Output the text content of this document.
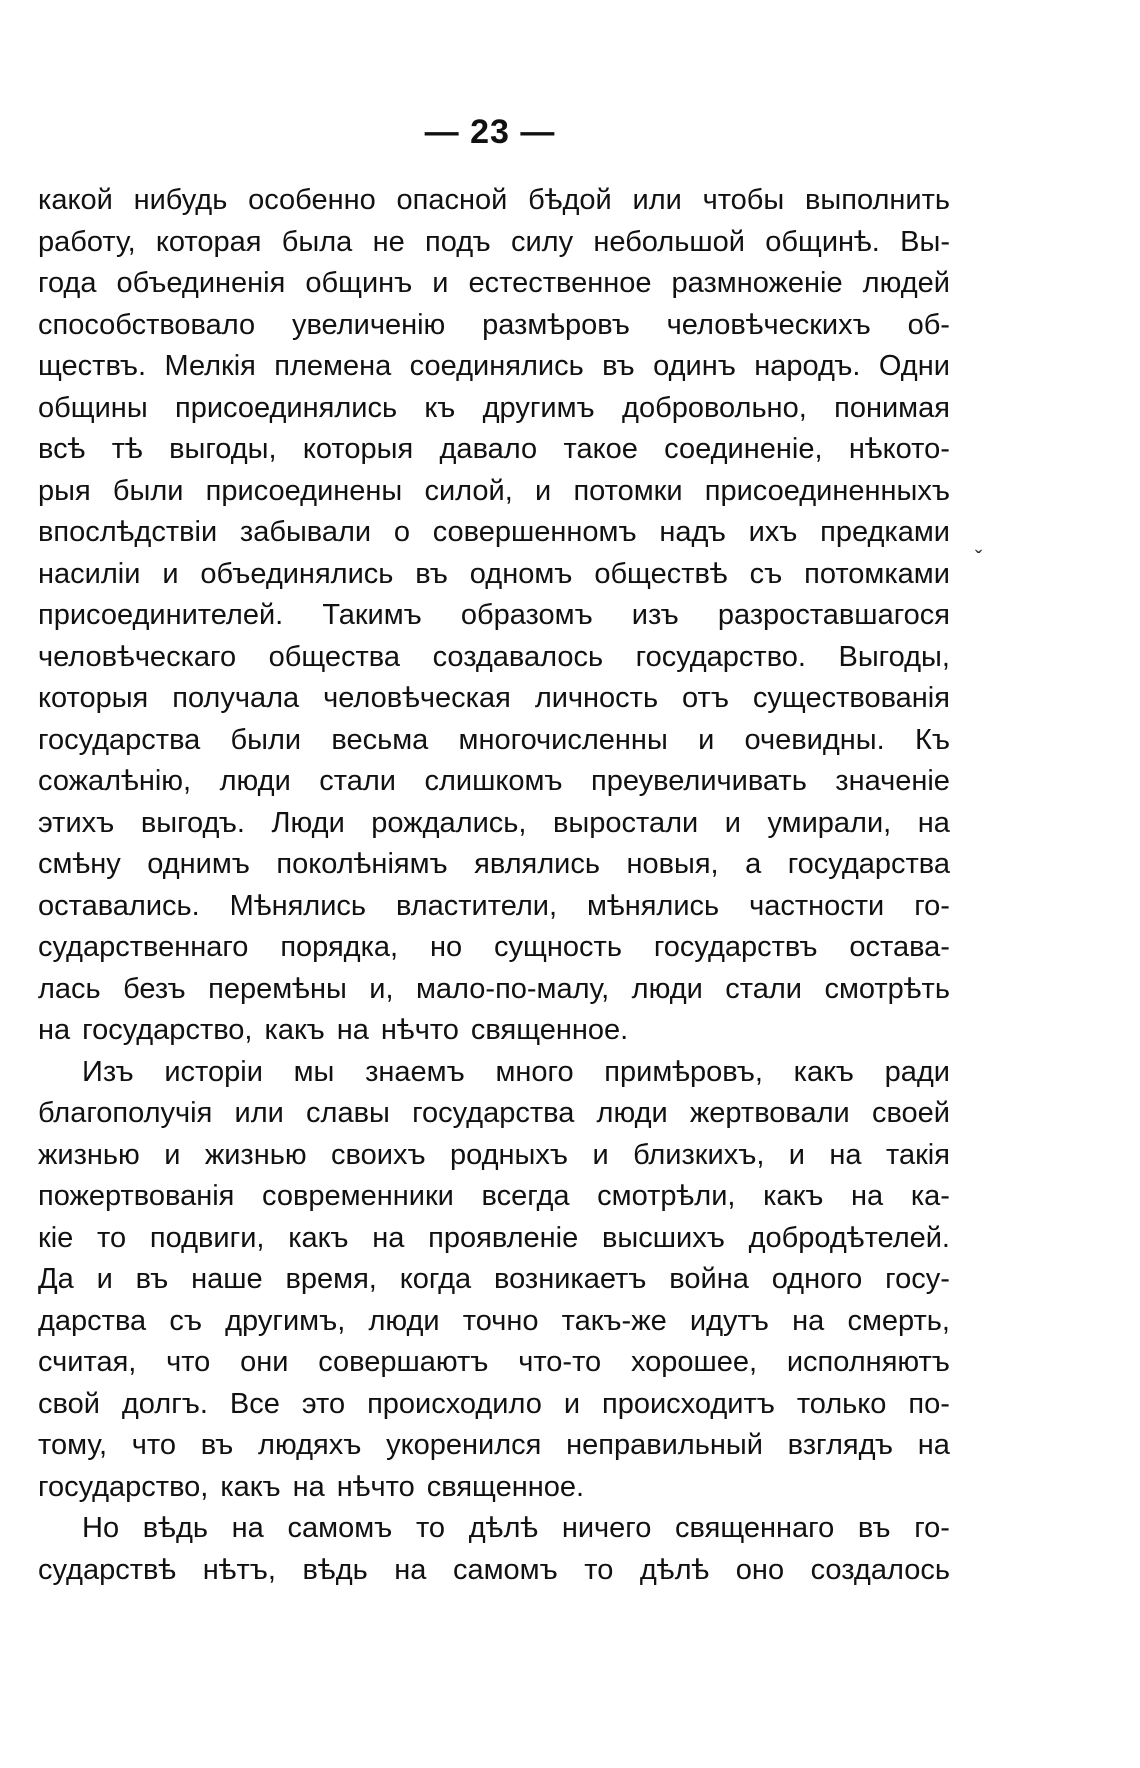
— 23 —
ˇ
какой нибудь особенно опасной бѣдой или чтобы выполнить
работу, которая была не подъ силу небольшой общинѣ. Вы-
года объединенія общинъ и естественное размноженіе людей
способствовало увеличенію размѣровъ человѣческихъ об-
ществъ. Мелкія племена соединялись въ одинъ народъ. Одни
общины присоединялись къ другимъ добровольно, понимая
всѣ тѣ выгоды, которыя давало такое соединеніе, нѣкото-
рыя были присоединены силой, и потомки присоединенныхъ
впослѣдствіи забывали о совершенномъ надъ ихъ предками
насиліи и объединялись въ одномъ обществѣ съ потомками
присоединителей. Такимъ образомъ изъ разроставшагося
человѣческаго общества создавалось государство. Выгоды,
которыя получала человѣческая личность отъ существованія
государства были весьма многочисленны и очевидны. Къ
сожалѣнію, люди стали слишкомъ преувеличивать значеніе
этихъ выгодъ. Люди рождались, выростали и умирали, на
смѣну однимъ поколѣніямъ являлись новыя, а государства
оставались. Мѣнялись властители, мѣнялись частности го-
сударственнаго порядка, но сущность государствъ остава-
лась безъ перемѣны и, мало-по-малу, люди стали смотрѣть
на государство, какъ на нѣчто священное.
Изъ исторіи мы знаемъ много примѣровъ, какъ ради
благополучія или славы государства люди жертвовали своей
жизнью и жизнью своихъ родныхъ и близкихъ, и на такія
пожертвованія современники всегда смотрѣли, какъ на ка-
кіе то подвиги, какъ на проявленіе высшихъ добродѣтелей.
Да и въ наше время, когда возникаетъ война одного госу-
дарства съ другимъ, люди точно такъ-же идутъ на смерть,
считая, что они совершаютъ что-то хорошее, исполняютъ
свой долгъ. Все это происходило и происходитъ только по-
тому, что въ людяхъ укоренился неправильный взглядъ на
государство, какъ на нѣчто священное.
Но вѣдь на самомъ то дѣлѣ ничего священнаго въ го-
сударствѣ нѣтъ, вѣдь на самомъ то дѣлѣ оно создалось
